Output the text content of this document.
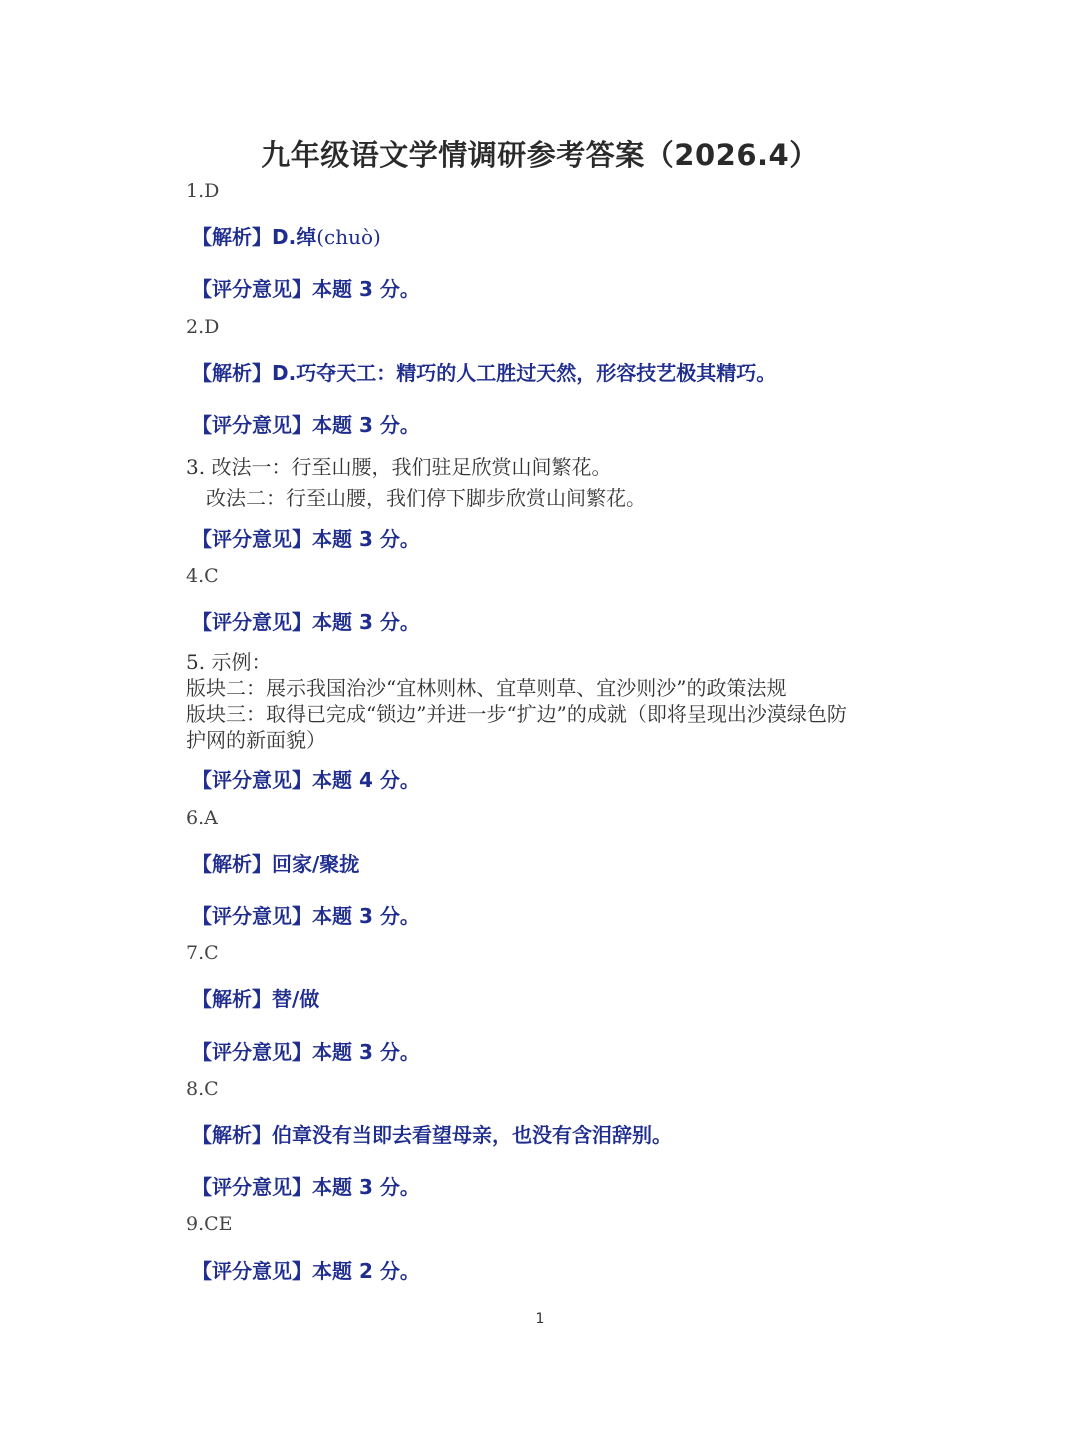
九年级语文学情调研参考答案（2026.4）
1.D
【解析】D.绰(chuò)
【评分意见】本题 3 分。
2.D
【解析】D.巧夺天工：精巧的人工胜过天然，形容技艺极其精巧。
【评分意见】本题 3 分。
3. 改法一：行至山腰，我们驻足欣赏山间繁花。
改法二：行至山腰，我们停下脚步欣赏山间繁花。
【评分意见】本题 3 分。
4.C
【评分意见】本题 3 分。
5. 示例：
版块二：展示我国治沙“宜林则林、宜草则草、宜沙则沙”的政策法规
版块三：取得已完成“锁边”并进一步“扩边”的成就（即将呈现出沙漠绿色防
护网的新面貌）
【评分意见】本题 4 分。
6.A
【解析】回家/聚拢
【评分意见】本题 3 分。
7.C
【解析】替/做
【评分意见】本题 3 分。
8.C
【解析】伯章没有当即去看望母亲，也没有含泪辞别。
【评分意见】本题 3 分。
9.CE
【评分意见】本题 2 分。
1
